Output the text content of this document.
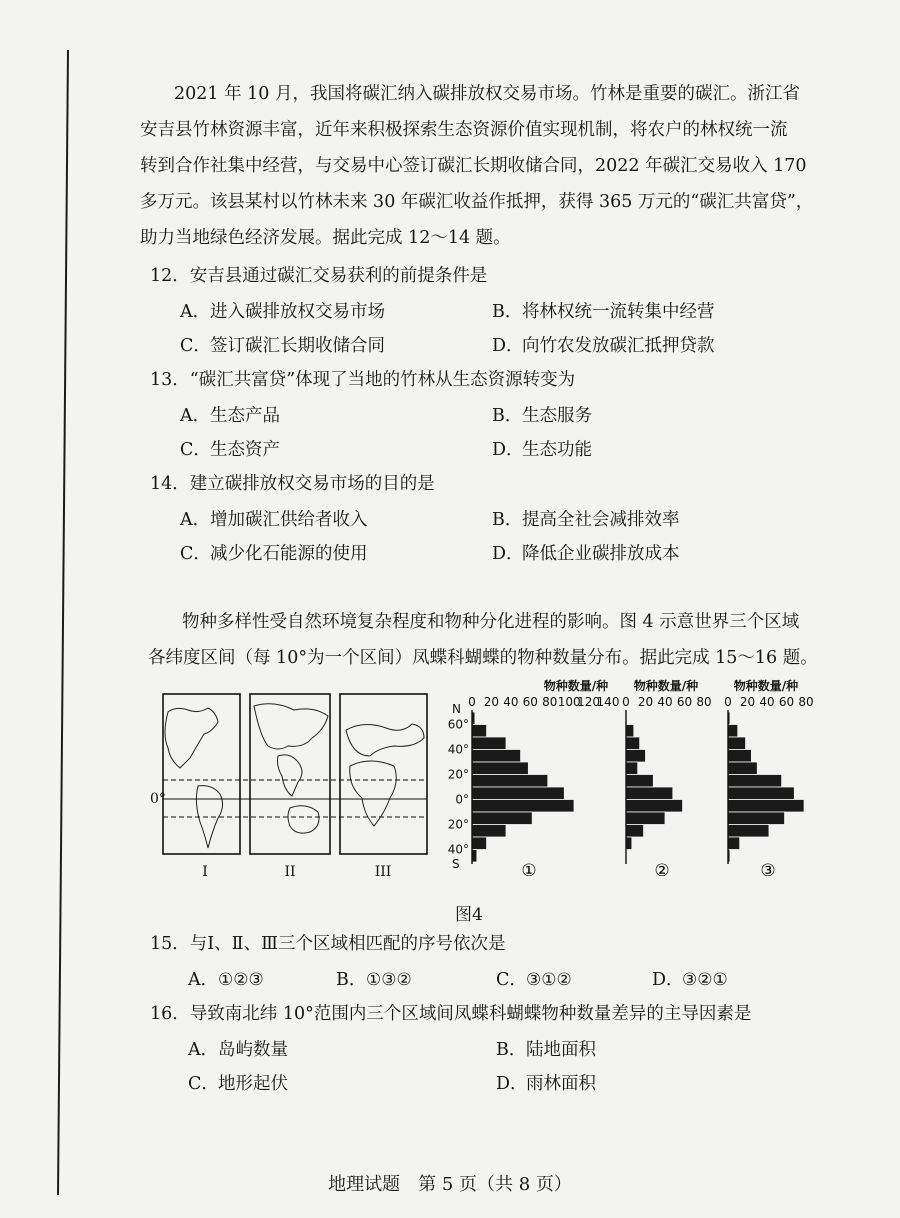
2021 年 10 月，我国将碳汇纳入碳排放权交易市场。竹林是重要的碳汇。浙江省
安吉县竹林资源丰富，近年来积极探索生态资源价值实现机制，将农户的林权统一流
转到合作社集中经营，与交易中心签订碳汇长期收储合同，2022 年碳汇交易收入 170
多万元。该县某村以竹林未来 30 年碳汇收益作抵押，获得 365 万元的“碳汇共富贷”，
助力当地绿色经济发展。据此完成 12～14 题。
12．安吉县通过碳汇交易获利的前提条件是
A．进入碳排放权交易市场	B．将林权统一流转集中经营
C．签订碳汇长期收储合同	D．向竹农发放碳汇抵押贷款
13．“碳汇共富贷”体现了当地的竹林从生态资源转变为
A．生态产品	B．生态服务
C．生态资产	D．生态功能
14．建立碳排放权交易市场的目的是
A．增加碳汇供给者收入	B．提高全社会减排效率
C．减少化石能源的使用	D．降低企业碳排放成本
物种多样性受自然环境复杂程度和物种分化进程的影响。图 4 示意世界三个区域
各纬度区间（每 10°为一个区间）凤蝶科蝴蝶的物种数量分布。据此完成 15～16 题。
0°
I	II	III
物种数量/种
0 20 40 60 80 100
120
140
N
60°
40°
20°
0°
20°
40°
S	①
物种数量/种
0 20 40 60 80
②
物种数量/种
0 20 40 60 80
③
图4
15．与Ⅰ、Ⅱ、Ⅲ三个区域相匹配的序号依次是
A．①②③	B．①③②	C．③①②	D．③②①
16．导致南北纬 10°范围内三个区域间凤蝶科蝴蝶物种数量差异的主导因素是
A．岛屿数量	B．陆地面积
C．地形起伏	D．雨林面积
地理试题　第 5 页（共 8 页）
